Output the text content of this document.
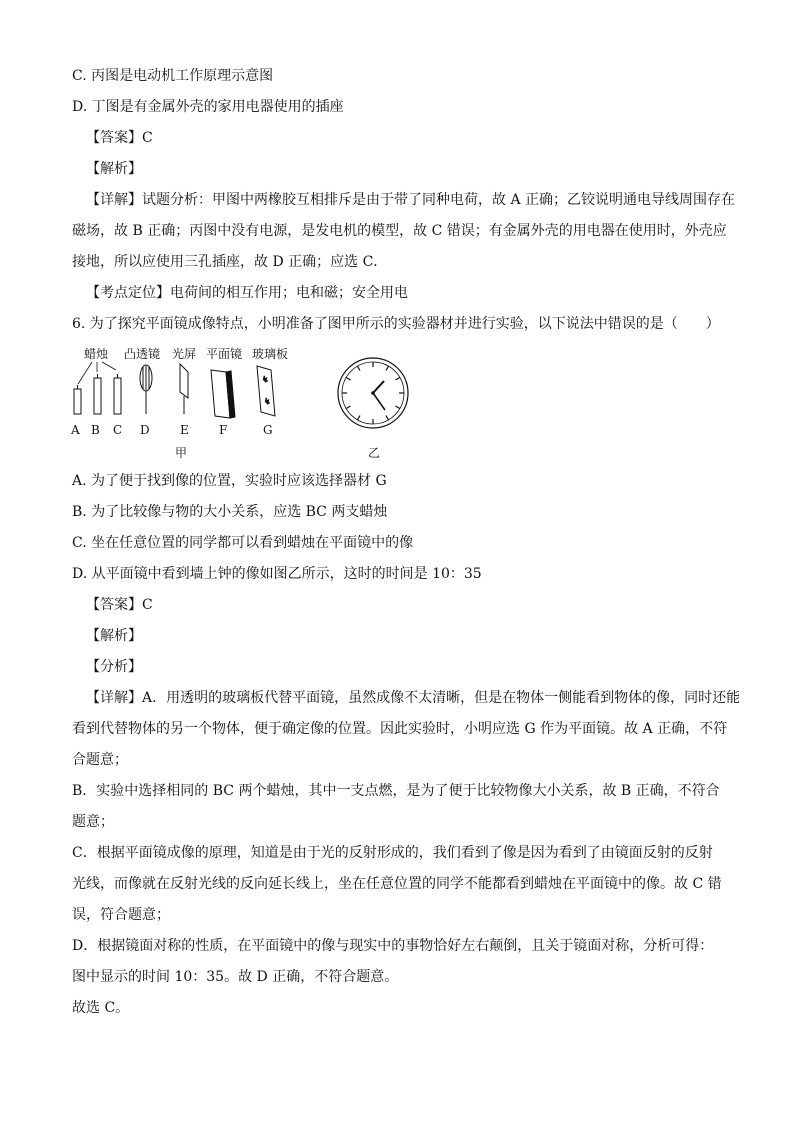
蜡烛 凸透镜 光屏 平面镜 玻璃板
↯
↯
A B C D	E	F	G
甲	乙
C. 丙图是电动机工作原理示意图
D. 丁图是有金属外壳的家用电器使用的插座
【答案】C
【解析】
【详解】试题分析：甲图中两橡胶互相排斥是由于带了同种电荷，故 A 正确；乙铰说明通电导线周围存在
磁场，故 B 正确；丙图中没有电源，是发电机的模型，故 C 错误；有金属外壳的用电器在使用时，外壳应
接地，所以应使用三孔插座，故 D 正确；应选 C．
【考点定位】电荷间的相互作用；电和磁；安全用电
6. 为了探究平面镜成像特点，小明准备了图甲所示的实验器材并进行实验，以下说法中错误的是（　　）
A. 为了便于找到像的位置，实验时应该选择器材 G
B. 为了比较像与物的大小关系，应选 BC 两支蜡烛
C. 坐在任意位置的同学都可以看到蜡烛在平面镜中的像
D. 从平面镜中看到墙上钟的像如图乙所示，这时的时间是 10：35
【答案】C
【解析】
【分析】
【详解】A．用透明的玻璃板代替平面镜，虽然成像不太清晰，但是在物体一侧能看到物体的像，同时还能
看到代替物体的另一个物体，便于确定像的位置。因此实验时，小明应选 G 作为平面镜。故 A 正确，不符
合题意；
B．实验中选择相同的 BC 两个蜡烛，其中一支点燃，是为了便于比较物像大小关系，故 B 正确，不符合
题意；
C．根据平面镜成像的原理，知道是由于光的反射形成的，我们看到了像是因为看到了由镜面反射的反射
光线，而像就在反射光线的反向延长线上，坐在任意位置的同学不能都看到蜡烛在平面镜中的像。故 C 错
误，符合题意；
D．根据镜面对称的性质，在平面镜中的像与现实中的事物恰好左右颠倒，且关于镜面对称，分析可得：
图中显示的时间 10：35。故 D 正确，不符合题意。
故选 C。
